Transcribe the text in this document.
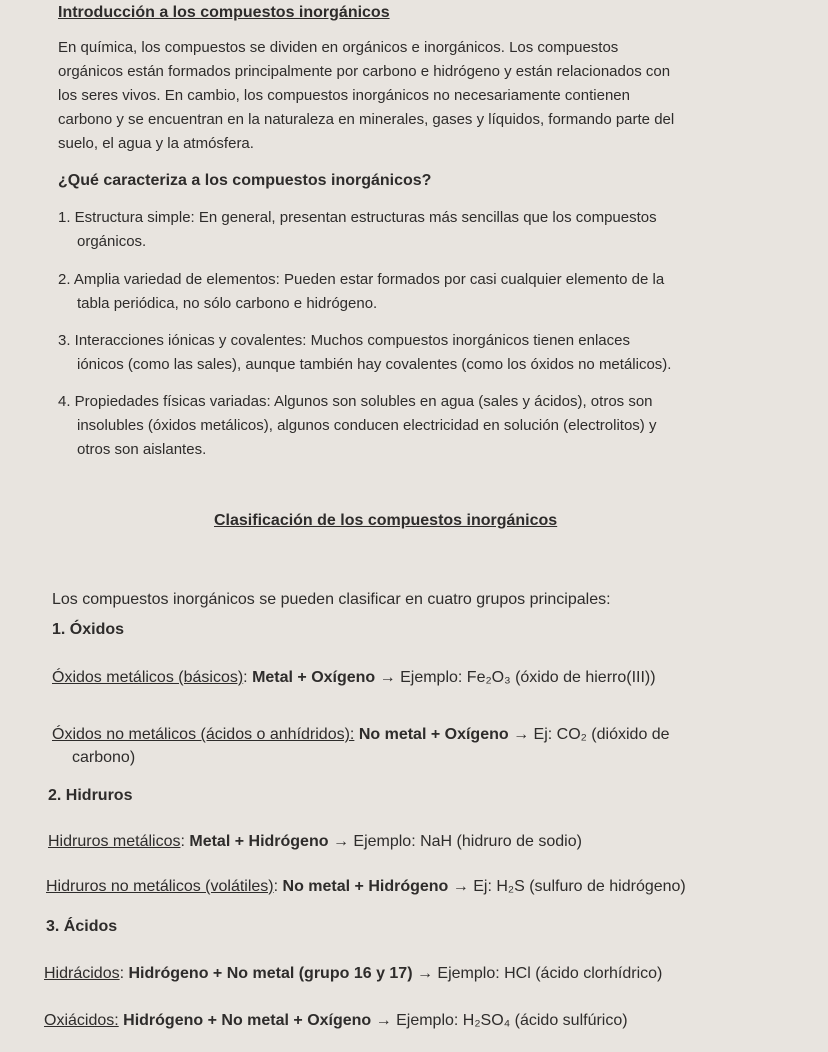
Introducción a los compuestos inorgánicos

En química, los compuestos se dividen en orgánicos e inorgánicos. Los compuestos
orgánicos están formados principalmente por carbono e hidrógeno y están relacionados con
los seres vivos. En cambio, los compuestos inorgánicos no necesariamente contienen
carbono y se encuentran en la naturaleza en minerales, gases y líquidos, formando parte del
suelo, el agua y la atmósfera.

¿Qué caracteriza a los compuestos inorgánicos?

1. Estructura simple: En general, presentan estructuras más sencillas que los compuestos
orgánicos.
2. Amplia variedad de elementos: Pueden estar formados por casi cualquier elemento de la
tabla periódica, no sólo carbono e hidrógeno.
3. Interacciones iónicas y covalentes: Muchos compuestos inorgánicos tienen enlaces
iónicos (como las sales), aunque también hay covalentes (como los óxidos no metálicos).
4. Propiedades físicas variadas: Algunos son solubles en agua (sales y ácidos), otros son
insolubles (óxidos metálicos), algunos conducen electricidad en solución (electrolitos) y
otros son aislantes.

Clasificación de los compuestos inorgánicos

Los compuestos inorgánicos se pueden clasificar en cuatro grupos principales:

1. Óxidos

Óxidos metálicos (básicos): Metal + Oxígeno → Ejemplo: Fe₂O₃ (óxido de hierro(III))

Óxidos no metálicos (ácidos o anhídridos): No metal + Oxígeno → Ej: CO₂ (dióxido de

carbono)

2. Hidruros

Hidruros metálicos: Metal + Hidrógeno → Ejemplo: NaH (hidruro de sodio)

Hidruros no metálicos (volátiles): No metal + Hidrógeno → Ej: H₂S (sulfuro de hidrógeno)

3. Ácidos

Hidrácidos: Hidrógeno + No metal (grupo 16 y 17) → Ejemplo: HCl (ácido clorhídrico)

Oxiácidos: Hidrógeno + No metal + Oxígeno → Ejemplo: H₂SO₄ (ácido sulfúrico)
